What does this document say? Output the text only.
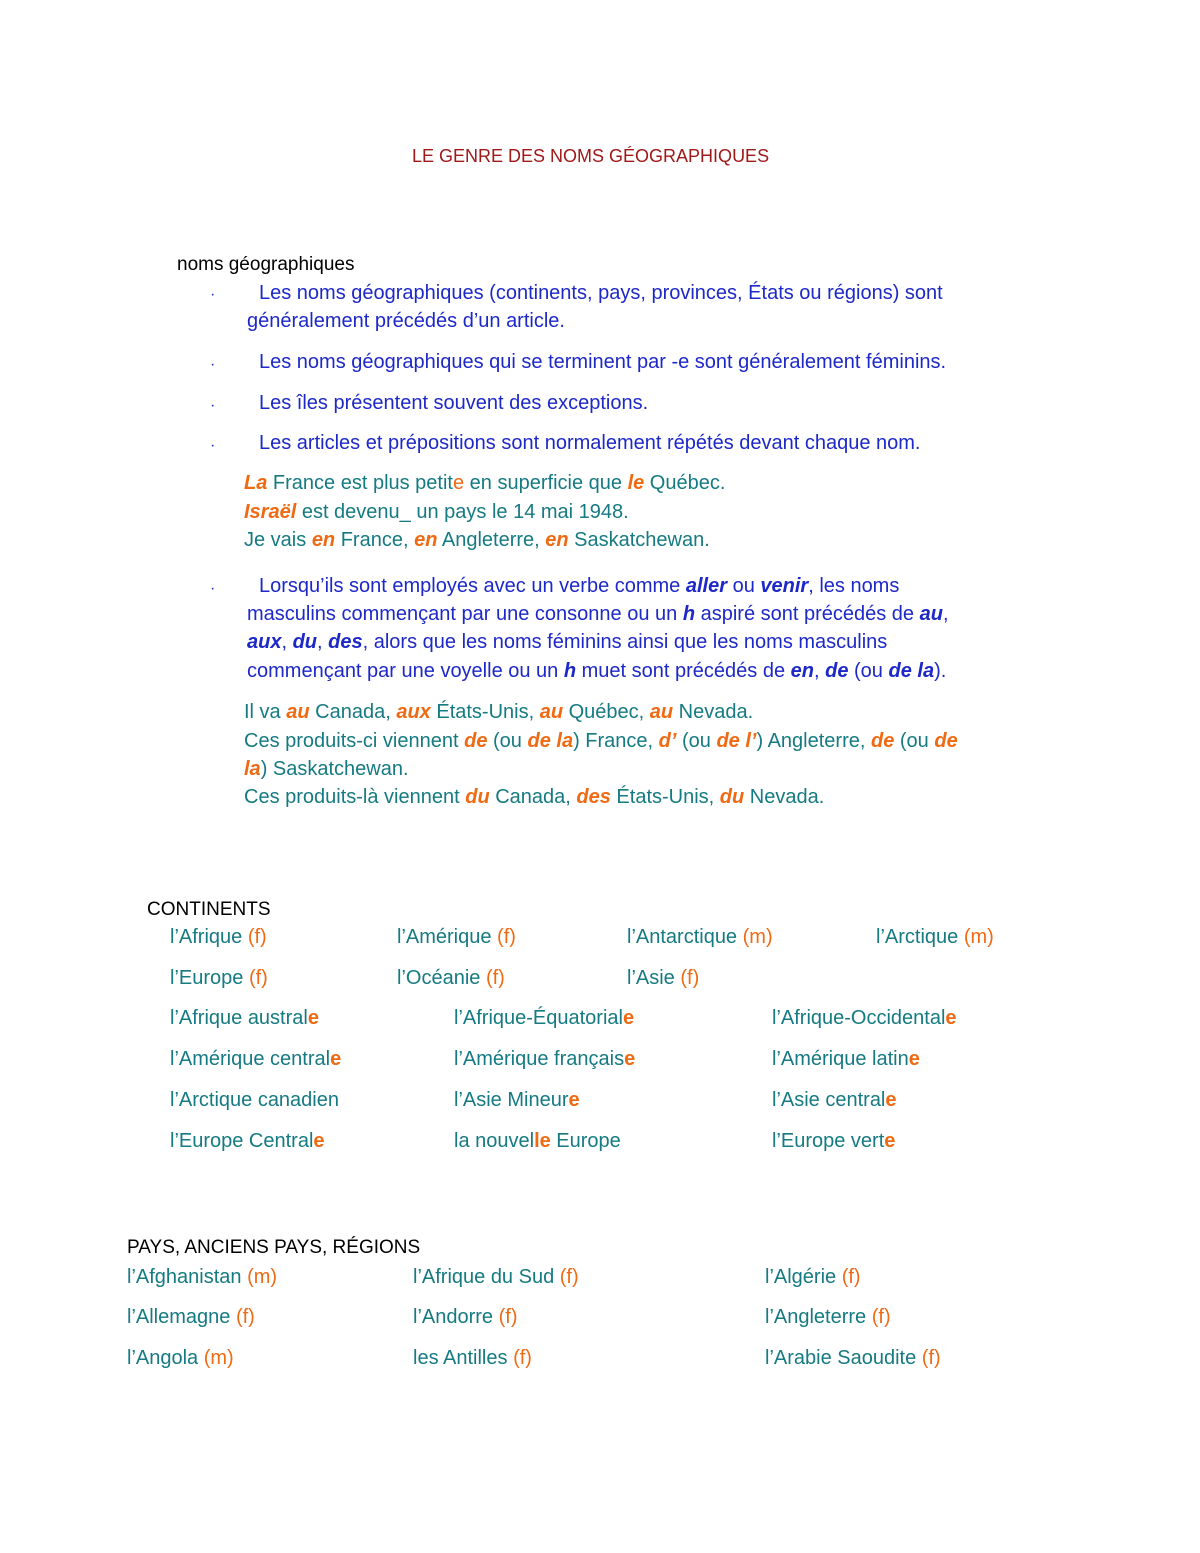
LE GENRE DES NOMS GÉOGRAPHIQUES
noms géographiques
· Les noms géographiques (continents, pays, provinces, États ou régions) sont
généralement précédés d’un article.
· Les noms géographiques qui se terminent par -e sont généralement féminins.
· Les îles présentent souvent des exceptions.
· Les articles et prépositions sont normalement répétés devant chaque nom.
La France est plus petite en superficie que le Québec.
Israël est devenu_ un pays le 14 mai 1948.
Je vais en France, en Angleterre, en Saskatchewan.
· Lorsqu’ils sont employés avec un verbe comme aller ou venir, les noms
masculins commençant par une consonne ou un h aspiré sont précédés de au,
aux, du, des, alors que les noms féminins ainsi que les noms masculins
commençant par une voyelle ou un h muet sont précédés de en, de (ou de la).
Il va au Canada, aux États-Unis, au Québec, au Nevada.
Ces produits-ci viennent de (ou de la) France, d’ (ou de l’) Angleterre, de (ou de
la) Saskatchewan.
Ces produits-là viennent du Canada, des États-Unis, du Nevada.
CONTINENTS
l’Afrique (f)	l’Amérique (f)	l’Antarctique (m)	l’Arctique (m)
l’Europe (f)	l’Océanie (f)	l’Asie (f)
l’Afrique australe	l’Afrique-Équatoriale	l’Afrique-Occidentale
l’Amérique centrale	l’Amérique française	l’Amérique latine
l’Arctique canadien	l’Asie Mineure	l’Asie centrale
l’Europe Centrale	la nouvelle Europe	l’Europe verte
PAYS, ANCIENS PAYS, RÉGIONS
l’Afghanistan (m)	l’Afrique du Sud (f)	l’Algérie (f)
l’Allemagne (f)	l’Andorre (f)	l’Angleterre (f)
l’Angola (m)	les Antilles (f)	l’Arabie Saoudite (f)
